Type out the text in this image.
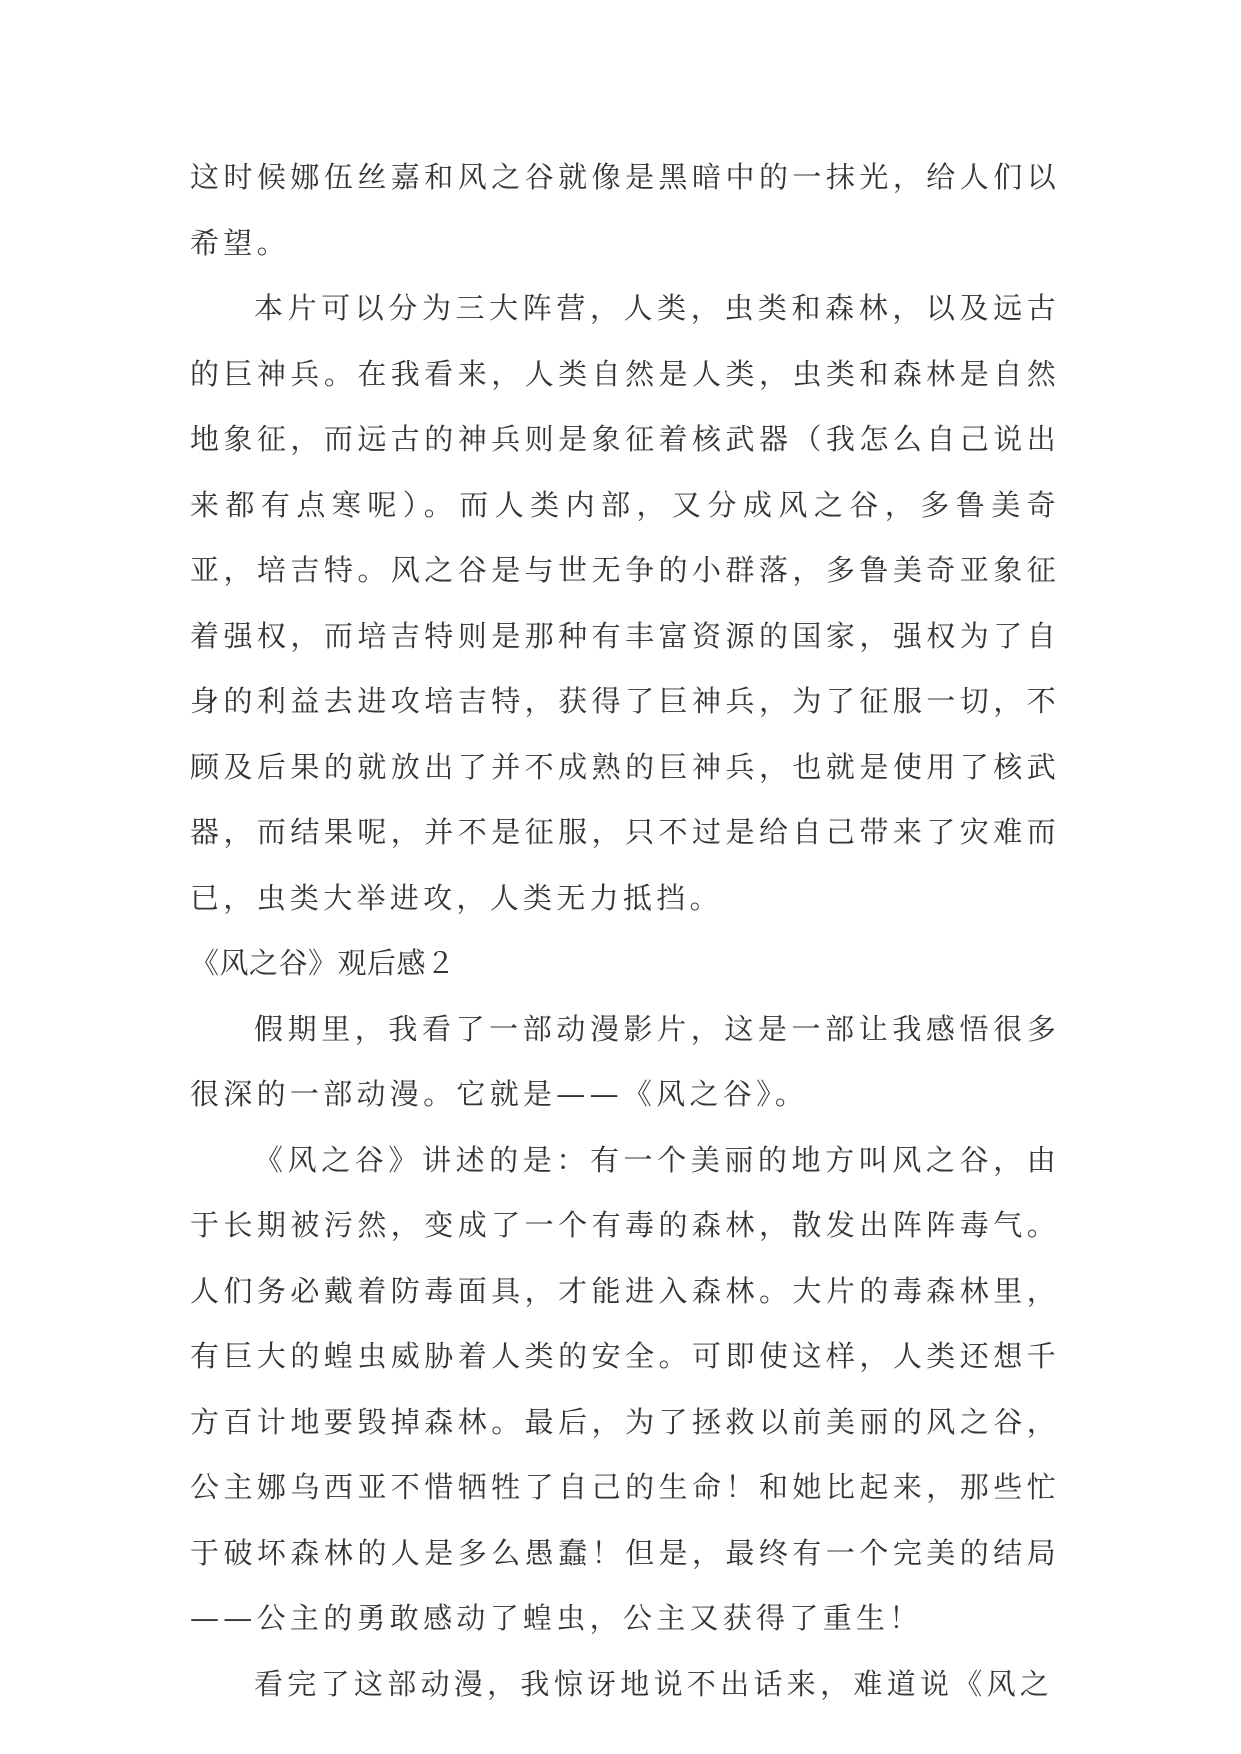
这时候娜伍丝嘉和风之谷就像是黑暗中的一抹光，给人们以希望。

本片可以分为三大阵营，人类，虫类和森林，以及远古的巨神兵。在我看来，人类自然是人类，虫类和森林是自然地象征，而远古的神兵则是象征着核武器（我怎么自己说出来都有点寒呢）。而人类内部，又分成风之谷，多鲁美奇亚，培吉特。风之谷是与世无争的小群落，多鲁美奇亚象征着强权，而培吉特则是那种有丰富资源的国家，强权为了自身的利益去进攻培吉特，获得了巨神兵，为了征服一切，不顾及后果的就放出了并不成熟的巨神兵，也就是使用了核武器，而结果呢，并不是征服，只不过是给自己带来了灾难而已，虫类大举进攻，人类无力抵挡。

《风之谷》观后感２

假期里，我看了一部动漫影片，这是一部让我感悟很多很深的一部动漫。它就是——《风之谷》。

《风之谷》讲述的是：有一个美丽的地方叫风之谷，由于长期被污然，变成了一个有毒的森林，散发出阵阵毒气。人们务必戴着防毒面具，才能进入森林。大片的毒森林里，有巨大的蝗虫威胁着人类的安全。可即使这样，人类还想千方百计地要毁掉森林。最后，为了拯救以前美丽的风之谷，公主娜乌西亚不惜牺牲了自己的生命！和她比起来，那些忙于破坏森林的人是多么愚蠢！但是，最终有一个完美的结局——公主的勇敢感动了蝗虫，公主又获得了重生！

看完了这部动漫，我惊讶地说不出话来，难道说《风之
